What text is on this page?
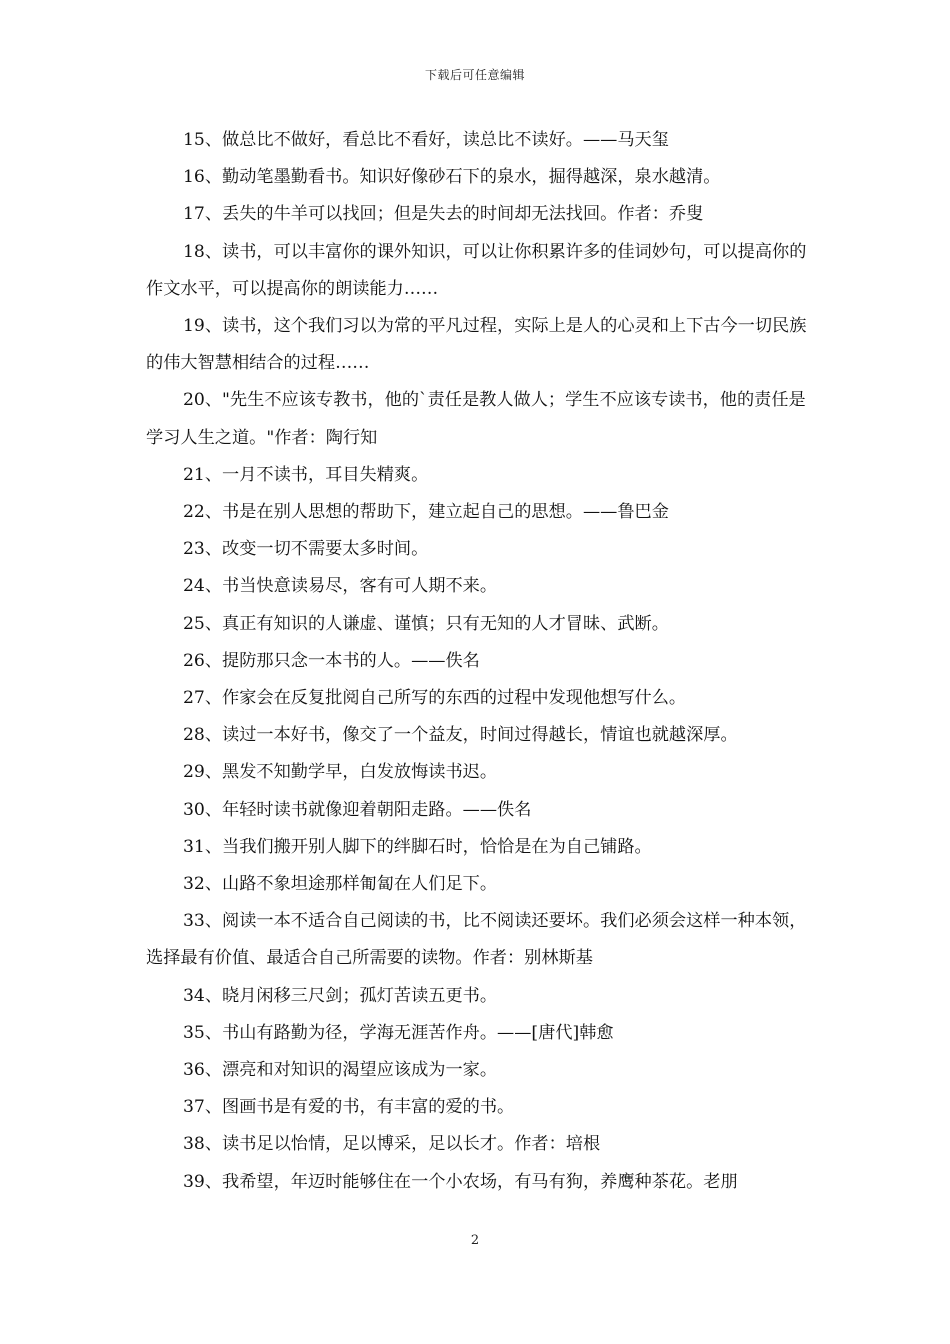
下载后可任意编辑

15、做总比不做好，看总比不看好，读总比不读好。——马天玺

16、勤动笔墨勤看书。知识好像砂石下的泉水，掘得越深，泉水越清。

17、丢失的牛羊可以找回；但是失去的时间却无法找回。作者：乔叟

18、读书，可以丰富你的课外知识，可以让你积累许多的佳词妙句，可以提高你的作文水平，可以提高你的朗读能力……

19、读书，这个我们习以为常的平凡过程，实际上是人的心灵和上下古今一切民族的伟大智慧相结合的过程……

20、"先生不应该专教书，他的`责任是教人做人；学生不应该专读书，他的责任是学习人生之道。"作者：陶行知

21、一月不读书，耳目失精爽。

22、书是在别人思想的帮助下，建立起自己的思想。——鲁巴金

23、改变一切不需要太多时间。

24、书当快意读易尽，客有可人期不来。

25、真正有知识的人谦虚、谨慎；只有无知的人才冒昧、武断。

26、提防那只念一本书的人。——佚名

27、作家会在反复批阅自己所写的东西的过程中发现他想写什么。

28、读过一本好书，像交了一个益友，时间过得越长，情谊也就越深厚。

29、黑发不知勤学早，白发放悔读书迟。

30、年轻时读书就像迎着朝阳走路。——佚名

31、当我们搬开别人脚下的绊脚石时，恰恰是在为自己铺路。

32、山路不象坦途那样匍匐在人们足下。

33、阅读一本不适合自己阅读的书，比不阅读还要坏。我们必须会这样一种本领，选择最有价值、最适合自己所需要的读物。作者：别林斯基

34、晓月闲移三尺剑；孤灯苦读五更书。

35、书山有路勤为径，学海无涯苦作舟。——[唐代]韩愈

36、漂亮和对知识的渴望应该成为一家。

37、图画书是有爱的书，有丰富的爱的书。

38、读书足以怡情，足以博采，足以长才。作者：培根

39、我希望，年迈时能够住在一个小农场，有马有狗，养鹰种茶花。老朋

2
